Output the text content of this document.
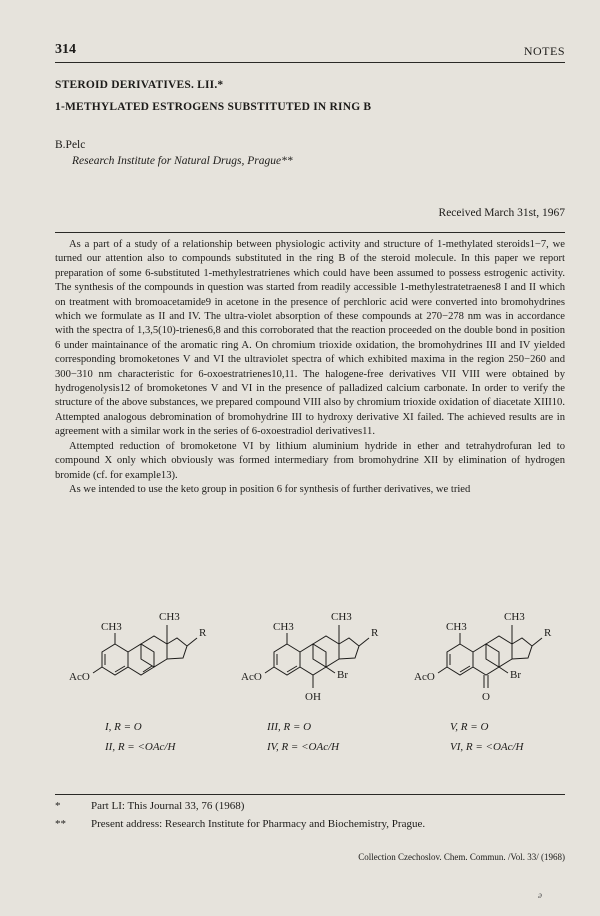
314	NOTES
STEROID DERIVATIVES. LII.*
1-METHYLATED ESTROGENS SUBSTITUTED IN RING B
B.Pelc
Research Institute for Natural Drugs, Prague**
Received March 31st, 1967

As a part of a study of a relationship between physiologic activity and structure of 1-methylated steroids1−7, we turned our attention also to compounds substituted in the ring B of the steroid molecule. In this paper we report preparation of some 6-substituted 1-methylestratrienes which could have been assumed to possess estrogenic activity. The synthesis of the compounds in question was started from readily accessible 1-methylestratetraenes8 I and II which on treatment with bromoacetamide9 in acetone in the presence of perchloric acid were converted into bromohydrines which we formulate as II and IV. The ultra-violet absorption of these compounds at 270−278 nm was in accordance with the spectra of 1,3,5(10)-trienes6,8 and this corroborated that the reaction proceeded on the double bond in position 6 under maintainance of the aromatic ring A. On chromium trioxide oxidation, the bromohydrines III and IV yielded corresponding bromoketones V and VI the ultraviolet spectra of which exhibited maxima in the region 250−260 and 300−310 nm characteristic for 6-oxoestratrienes10,11. The halogene-free derivatives VII VIII were obtained by hydrogenolysis12 of bromoketones V and VI in the presence of palladized calcium carbonate. In order to verify the structure of the above substances, we prepared compound VIII also by chromium trioxide oxidation of diacetate XIII10. Attempted analogous debromination of bromohydrine III to hydroxy derivative XI failed. The achieved results are in agreement with a similar work in the series of 6-oxoestradiol derivatives11.

Attempted reduction of bromoketone VI by lithium aluminium hydride in ether and tetrahydrofuran led to compound X only which obviously was formed intermediary from bromohydrine XII by elimination of hydrogen bromide (cf. for example13).

As we intended to use the keto group in position 6 for synthesis of further derivatives, we tried

CH3
CH3	R
AcO
I, R = O
II, R = <OAc/H
CH3
CH3	R
AcO	Br
OH
III, R = O
IV, R = <OAc/H
CH3
CH3	R
AcO	Br
O
V, R = O
VI, R = <OAc/H
*	Part LI: This Journal 33, 76 (1968)
**	Present address: Research Institute for Pharmacy and Biochemistry, Prague.
Collection Czechoslov. Chem. Commun. /Vol. 33/ (1968)
ə
